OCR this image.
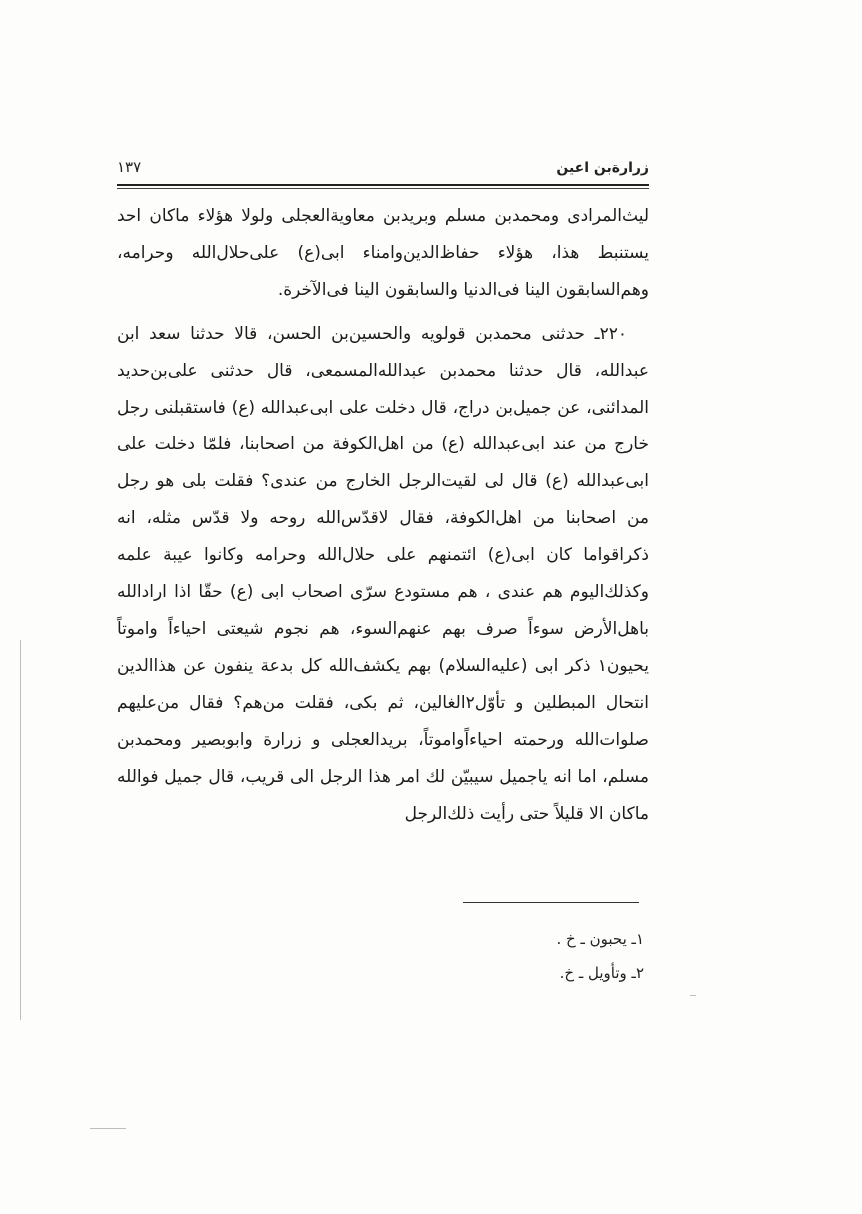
زرارة‌بن اعين
١٣٧

ليث‌المرادى ومحمدبن مسلم وبريدبن معاويةالعجلى ولولا هؤلاء ماكان احد يستنبط هذا، هؤلاء حفاظ‌الدين‌وامناء ابى(ع) على‌حلال‌الله وحرامه، وهم‌السابقون الينا فى‌الدنيا والسابقون الينا فى‌الآخرة.

٢٢٠ـ حدثنى محمدبن قولويه والحسين‌بن الحسن، قالا حدثنا سعد ابن عبدالله، قال حدثنا محمدبن عبدالله‌المسمعى، قال حدثنى على‌بن‌حديد المدائنى، عن جميل‌بن دراج، قال دخلت على ابى‌عبدالله (ع) فاستقبلنى رجل خارج من عند ابى‌عبدالله (ع) من اهل‌الكوفة من اصحابنا، فلمّا دخلت على ابى‌عبدالله (ع) قال لى لقيت‌الرجل الخارج من عندى؟ فقلت بلى هو رجل من اصحابنا من اهل‌الكوفة، فقال لاقدّس‌الله روحه ولا قدّس مثله، انه ذكراقواما كان ابى(ع) ائتمنهم على حلال‌الله وحرامه وكانوا عيبة علمه وكذلك‌اليوم هم عندى ، هم مستودع سرّى اصحاب ابى (ع) حقّا اذا ارادالله باهل‌الأرض سوءاً صرف بهم عنهم‌السوء، هم نجوم شيعتى احياءاً واموتاً يحيون١ ذكر ابى (عليه‌السلام) بهم يكشف‌الله كل بدعة ينفون عن هذاالدين انتحال المبطلين و تأوّل٢الغالين، ثم بكى، فقلت من‌هم؟ فقال من‌عليهم صلوات‌الله ورحمته احياءاًواموتاً، بريدالعجلى و زرارة وابوبصير ومحمدبن مسلم، اما انه ياجميل سيبيّن لك امر هذا الرجل الى قريب، قال جميل فوالله ماكان الا قليلاً حتى رأيت ذلك‌الرجل

١ـ يحبون ـ خ .

٢ـ وتأويل ـ خ.
